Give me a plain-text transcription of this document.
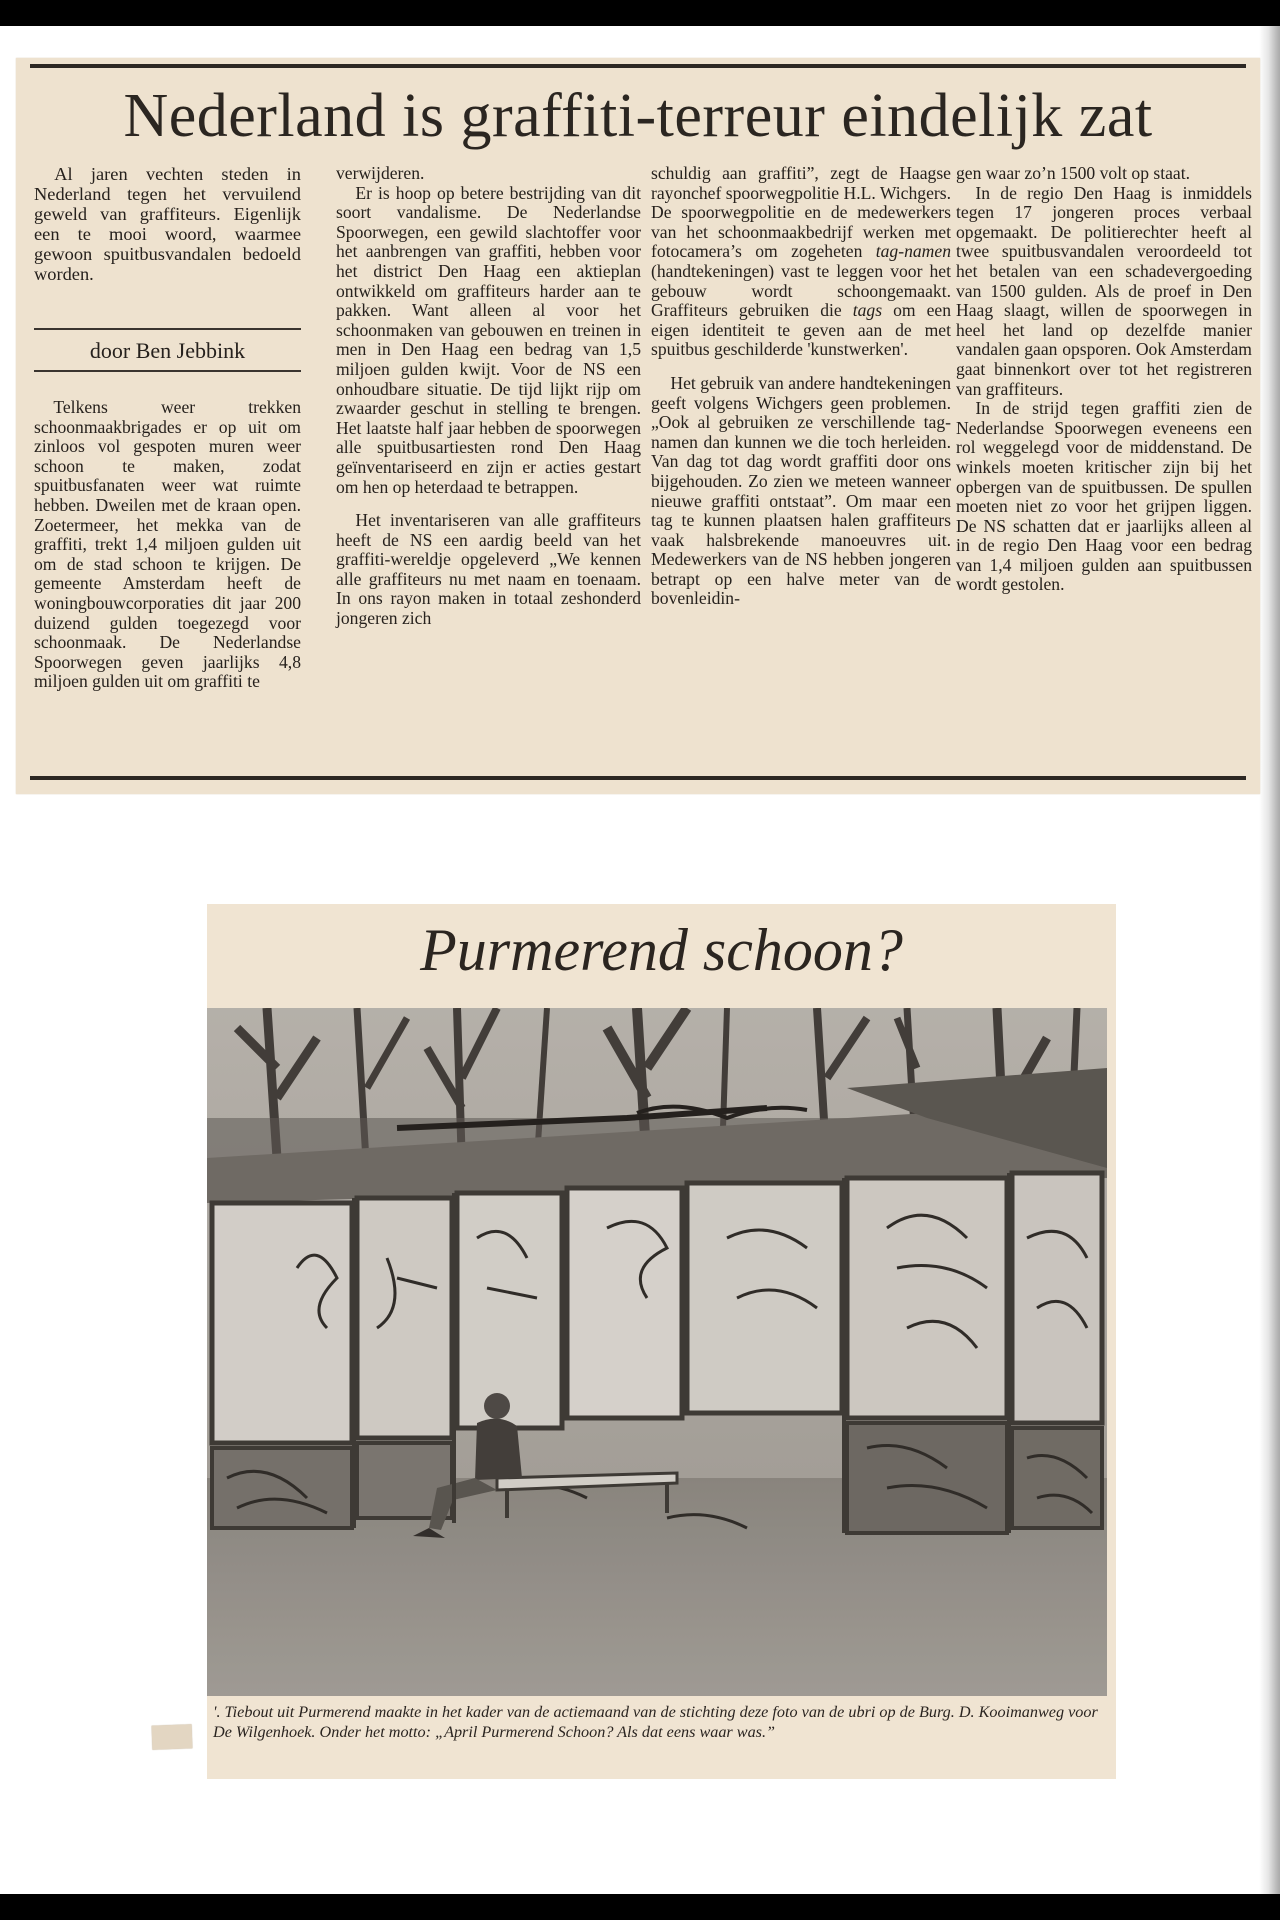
Nederland is graffiti-terreur eindelijk zat

Al jaren vechten steden in Nederland tegen het vervuilend geweld van graffiteurs. Eigenlijk een te mooi woord, waarmee gewoon spuitbusvandalen bedoeld worden.

door Ben Jebbink

Telkens weer trekken schoonmaakbrigades er op uit om zinloos vol gespoten muren weer schoon te maken, zodat spuitbusfanaten weer wat ruimte hebben. Dweilen met de kraan open. Zoetermeer, het mekka van de graffiti, trekt 1,4 miljoen gulden uit om de stad schoon te krijgen. De gemeente Amsterdam heeft de woningbouwcorporaties dit jaar 200 duizend gulden toegezegd voor schoonmaak. De Nederlandse Spoorwegen geven jaarlijks 4,8 miljoen gulden uit om graffiti te

verwijderen.

Er is hoop op betere bestrijding van dit soort vandalisme. De Nederlandse Spoorwegen, een gewild slachtoffer voor het aanbrengen van graffiti, hebben voor het district Den Haag een aktieplan ontwikkeld om graffiteurs harder aan te pakken. Want alleen al voor het schoonmaken van gebouwen en treinen in men in Den Haag een bedrag van 1,5 miljoen gulden kwijt. Voor de NS een onhoudbare situatie. De tijd lijkt rijp om zwaarder geschut in stelling te brengen. Het laatste half jaar hebben de spoorwegen alle spuitbusartiesten rond Den Haag geïnventariseerd en zijn er acties gestart om hen op heterdaad te betrappen.

Het inventariseren van alle graffiteurs heeft de NS een aardig beeld van het graffiti-wereldje opgeleverd „We kennen alle graffiteurs nu met naam en toenaam. In ons rayon maken in totaal zeshonderd jongeren zich

schuldig aan graffiti”, zegt de Haagse rayonchef spoorwegpolitie H.L. Wichgers. De spoorwegpolitie en de medewerkers van het schoonmaakbedrijf werken met fotocamera’s om zogeheten tag-namen (handtekeningen) vast te leggen voor het gebouw wordt schoongemaakt. Graffiteurs gebruiken die tags om een eigen identiteit te geven aan de met spuitbus geschilderde 'kunstwerken'.

Het gebruik van andere handtekeningen geeft volgens Wichgers geen problemen. „Ook al gebruiken ze verschillende tag-namen dan kunnen we die toch herleiden. Van dag tot dag wordt graffiti door ons bijgehouden. Zo zien we meteen wanneer nieuwe graffiti ontstaat”. Om maar een tag te kunnen plaatsen halen graffiteurs vaak halsbrekende manoeuvres uit. Medewerkers van de NS hebben jongeren betrapt op een halve meter van de bovenleidin-

gen waar zo’n 1500 volt op staat.

In de regio Den Haag is inmiddels tegen 17 jongeren proces verbaal opgemaakt. De politierechter heeft al twee spuitbusvandalen veroordeeld tot het betalen van een schadevergoeding van 1500 gulden. Als de proef in Den Haag slaagt, willen de spoorwegen in heel het land op dezelfde manier vandalen gaan opsporen. Ook Amsterdam gaat binnenkort over tot het registreren van graffiteurs.

In de strijd tegen graffiti zien de Nederlandse Spoorwegen eveneens een rol weggelegd voor de middenstand. De winkels moeten kritischer zijn bij het opbergen van de spuitbussen. De spullen moeten niet zo voor het grijpen liggen. De NS schatten dat er jaarlijks alleen al in de regio Den Haag voor een bedrag van 1,4 miljoen gulden aan spuitbussen wordt gestolen.

Purmerend schoon?
'. Tiebout uit Purmerend maakte in het kader van de actiemaand van de stichting deze foto van de ubri op de Burg. D. Kooimanweg voor De Wilgenhoek. Onder het motto: „April Purmerend Schoon? Als dat eens waar was.”
